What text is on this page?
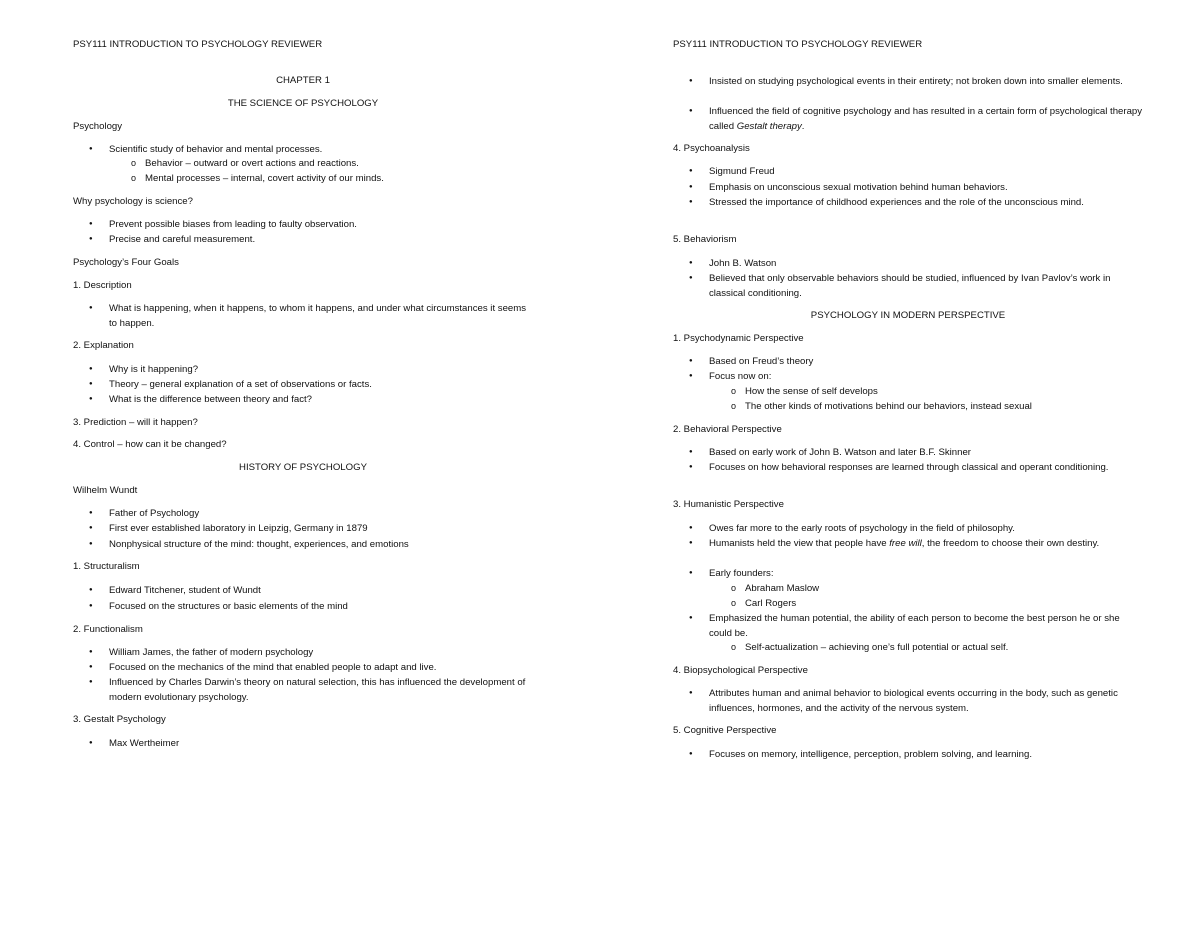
PSY111 INTRODUCTION TO PSYCHOLOGY REVIEWER
CHAPTER 1
THE SCIENCE OF PSYCHOLOGY
Psychology
● Scientific study of behavior and mental processes.
o Behavior – outward or overt actions and reactions.
o Mental processes – internal, covert activity of our minds.
Why psychology is science?
● Prevent possible biases from leading to faulty observation.
● Precise and careful measurement.
Psychology’s Four Goals
1. Description
● What is happening, when it happens, to whom it happens, and under what circumstances it seems to happen.
2. Explanation
● Why is it happening?
● Theory – general explanation of a set of observations or facts.
● What is the difference between theory and fact?
3. Prediction – will it happen?
4. Control – how can it be changed?
HISTORY OF PSYCHOLOGY
Wilhelm Wundt
● Father of Psychology
● First ever established laboratory in Leipzig, Germany in 1879
● Nonphysical structure of the mind: thought, experiences, and emotions
1. Structuralism
● Edward Titchener, student of Wundt
● Focused on the structures or basic elements of the mind
2. Functionalism
● William James, the father of modern psychology
● Focused on the mechanics of the mind that enabled people to adapt and live.
● Influenced by Charles Darwin’s theory on natural selection, this has influenced the development of modern evolutionary psychology.
3. Gestalt Psychology
● Max Wertheimer
PSY111 INTRODUCTION TO PSYCHOLOGY REVIEWER
● Insisted on studying psychological events in their entirety; not broken down into smaller elements.
● Influenced the field of cognitive psychology and has resulted in a certain form of psychological therapy called Gestalt therapy.
4. Psychoanalysis
● Sigmund Freud
● Emphasis on unconscious sexual motivation behind human behaviors.
● Stressed the importance of childhood experiences and the role of the unconscious mind.
5. Behaviorism
● John B. Watson
● Believed that only observable behaviors should be studied, influenced by Ivan Pavlov’s work in classical conditioning.
PSYCHOLOGY IN MODERN PERSPECTIVE
1. Psychodynamic Perspective
● Based on Freud’s theory
● Focus now on:
o How the sense of self develops
o The other kinds of motivations behind our behaviors, instead sexual
2. Behavioral Perspective
● Based on early work of John B. Watson and later B.F. Skinner
● Focuses on how behavioral responses are learned through classical and operant conditioning.
3. Humanistic Perspective
● Owes far more to the early roots of psychology in the field of philosophy.
● Humanists held the view that people have free will, the freedom to choose their own destiny.
● Early founders:
o Abraham Maslow
o Carl Rogers
● Emphasized the human potential, the ability of each person to become the best person he or she could be.
o Self-actualization – achieving one’s full potential or actual self.
4. Biopsychological Perspective
● Attributes human and animal behavior to biological events occurring in the body, such as genetic influences, hormones, and the activity of the nervous system.
5. Cognitive Perspective
● Focuses on memory, intelligence, perception, problem solving, and learning.
